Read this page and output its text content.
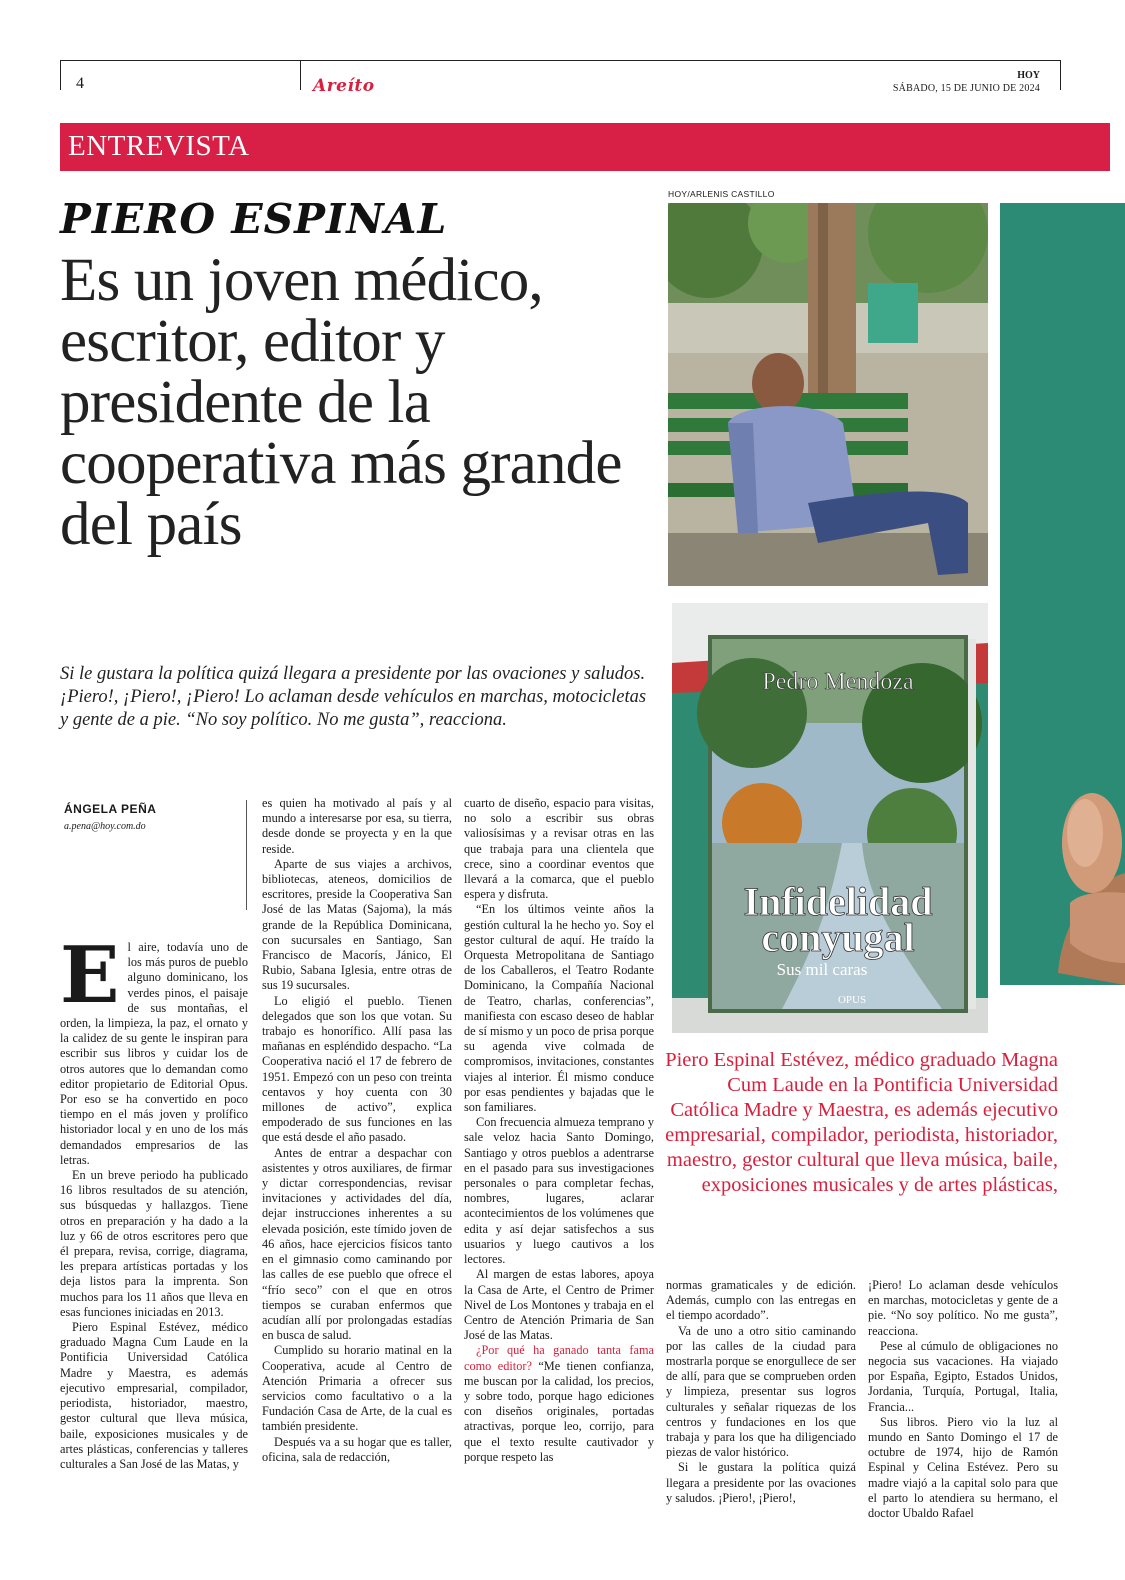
4	Areíto
HOY
SÁBADO, 15 DE JUNIO DE 2024
ENTREVISTA
PIERO ESPINAL
Es un joven médico, escritor, editor y presidente de la cooperativa más grande del país
Si le gustara la política quizá llegara a presidente por las ovaciones y saludos. ¡Piero!, ¡Piero!, ¡Piero! Lo aclaman desde vehículos en marchas, motocicletas y gente de a pie. “No soy político. No me gusta”, reacciona.
HOY/ARLENIS CASTILLO
Pedro Mendoza
Infidelidad
conyugal
Sus mil caras
OPUS
Piero Espinal Estévez, médico graduado Magna Cum Laude en la Pontificia Universidad Católica Madre y Maestra, es además ejecutivo empresarial, compilador, periodista, historiador, maestro, gestor cultural que lleva música, baile, exposiciones musicales y de artes plásticas,
ÁNGELA PEÑA
a.pena@hoy.com.do

El aire, todavía uno de los más puros de pueblo alguno dominicano, los verdes pinos, el paisaje de sus montañas, el orden, la limpieza, la paz, el ornato y la calidez de su gente le inspiran para escribir sus libros y cuidar los de otros autores que lo demandan como editor propietario de Editorial Opus. Por eso se ha convertido en poco tiempo en el más joven y prolífico historiador local y en uno de los más demandados empresarios de las letras.

En un breve periodo ha publicado 16 libros resultados de su atención, sus búsquedas y hallazgos. Tiene otros en preparación y ha dado a la luz y 66 de otros escritores pero que él prepara, revisa, corrige, diagrama, les prepara artísticas portadas y los deja listos para la imprenta. Son muchos para los 11 años que lleva en esas funciones iniciadas en 2013.

Piero Espinal Estévez, médico graduado Magna Cum Laude en la Pontificia Universidad Católica Madre y Maestra, es además ejecutivo empresarial, compilador, periodista, historiador, maestro, gestor cultural que lleva música, baile, exposiciones musicales y de artes plásticas, conferencias y talleres culturales a San José de las Matas, y

es quien ha motivado al país y al mundo a interesarse por esa, su tierra, desde donde se proyecta y en la que reside.

Aparte de sus viajes a archivos, bibliotecas, ateneos, domicilios de escritores, preside la Cooperativa San José de las Matas (Sajoma), la más grande de la República Dominicana, con sucursales en Santiago, San Francisco de Macorís, Jánico, El Rubio, Sabana Iglesia, entre otras de sus 19 sucursales.

Lo eligió el pueblo. Tienen delegados que son los que votan. Su trabajo es honorífico. Allí pasa las mañanas en espléndido despacho. “La Cooperativa nació el 17 de febrero de 1951. Empezó con un peso con treinta centavos y hoy cuenta con 30 millones de activo”, explica empoderado de sus funciones en las que está desde el año pasado.

Antes de entrar a despachar con asistentes y otros auxiliares, de firmar y dictar correspondencias, revisar invitaciones y actividades del día, dejar instrucciones inherentes a su elevada posición, este tímido joven de 46 años, hace ejercicios físicos tanto en el gimnasio como caminando por las calles de ese pueblo que ofrece el “frío seco” con el que en otros tiempos se curaban enfermos que acudían allí por prolongadas estadías en busca de salud.

Cumplido su horario matinal en la Cooperativa, acude al Centro de Atención Primaria a ofrecer sus servicios como facultativo o a la Fundación Casa de Arte, de la cual es también presidente.

Después va a su hogar que es taller, oficina, sala de redacción,

cuarto de diseño, espacio para visitas, no solo a escribir sus obras valiosísimas y a revisar otras en las que trabaja para una clientela que crece, sino a coordinar eventos que llevará a la comarca, que el pueblo espera y disfruta.

“En los últimos veinte años la gestión cultural la he hecho yo. Soy el gestor cultural de aquí. He traído la Orquesta Metropolitana de Santiago de los Caballeros, el Teatro Rodante Dominicano, la Compañía Nacional de Teatro, charlas, conferencias”, manifiesta con escaso deseo de hablar de sí mismo y un poco de prisa porque su agenda vive colmada de compromisos, invitaciones, constantes viajes al interior. Él mismo conduce por esas pendientes y bajadas que le son familiares.

Con frecuencia almueza temprano y sale veloz hacia Santo Domingo, Santiago y otros pueblos a adentrarse en el pasado para sus investigaciones personales o para completar fechas, nombres, lugares, aclarar acontecimientos de los volúmenes que edita y así dejar satisfechos a sus usuarios y luego cautivos a los lectores.

Al margen de estas labores, apoya la Casa de Arte, el Centro de Primer Nivel de Los Montones y trabaja en el Centro de Atención Primaria de San José de las Matas.

¿Por qué ha ganado tanta fama como editor? “Me tienen confianza, me buscan por la calidad, los precios, y sobre todo, porque hago ediciones con diseños originales, portadas atractivas, porque leo, corrijo, para que el texto resulte cautivador y porque respeto las

normas gramaticales y de edición. Además, cumplo con las entregas en el tiempo acordado”.

Va de uno a otro sitio caminando por las calles de la ciudad para mostrarla porque se enorgullece de ser de allí, para que se comprueben orden y limpieza, presentar sus logros culturales y señalar riquezas de los centros y fundaciones en los que trabaja y para los que ha diligenciado piezas de valor histórico.

Si le gustara la política quizá llegara a presidente por las ovaciones y saludos. ¡Piero!, ¡Piero!,

¡Piero! Lo aclaman desde vehículos en marchas, motocicletas y gente de a pie. “No soy político. No me gusta”, reacciona.

Pese al cúmulo de obligaciones no negocia sus vacaciones. Ha viajado por España, Egipto, Estados Unidos, Jordania, Turquía, Portugal, Italia, Francia...

Sus libros. Piero vio la luz al mundo en Santo Domingo el 17 de octubre de 1974, hijo de Ramón Espinal y Celina Estévez. Pero su madre viajó a la capital solo para que el parto lo atendiera su hermano, el doctor Ubaldo Rafael
